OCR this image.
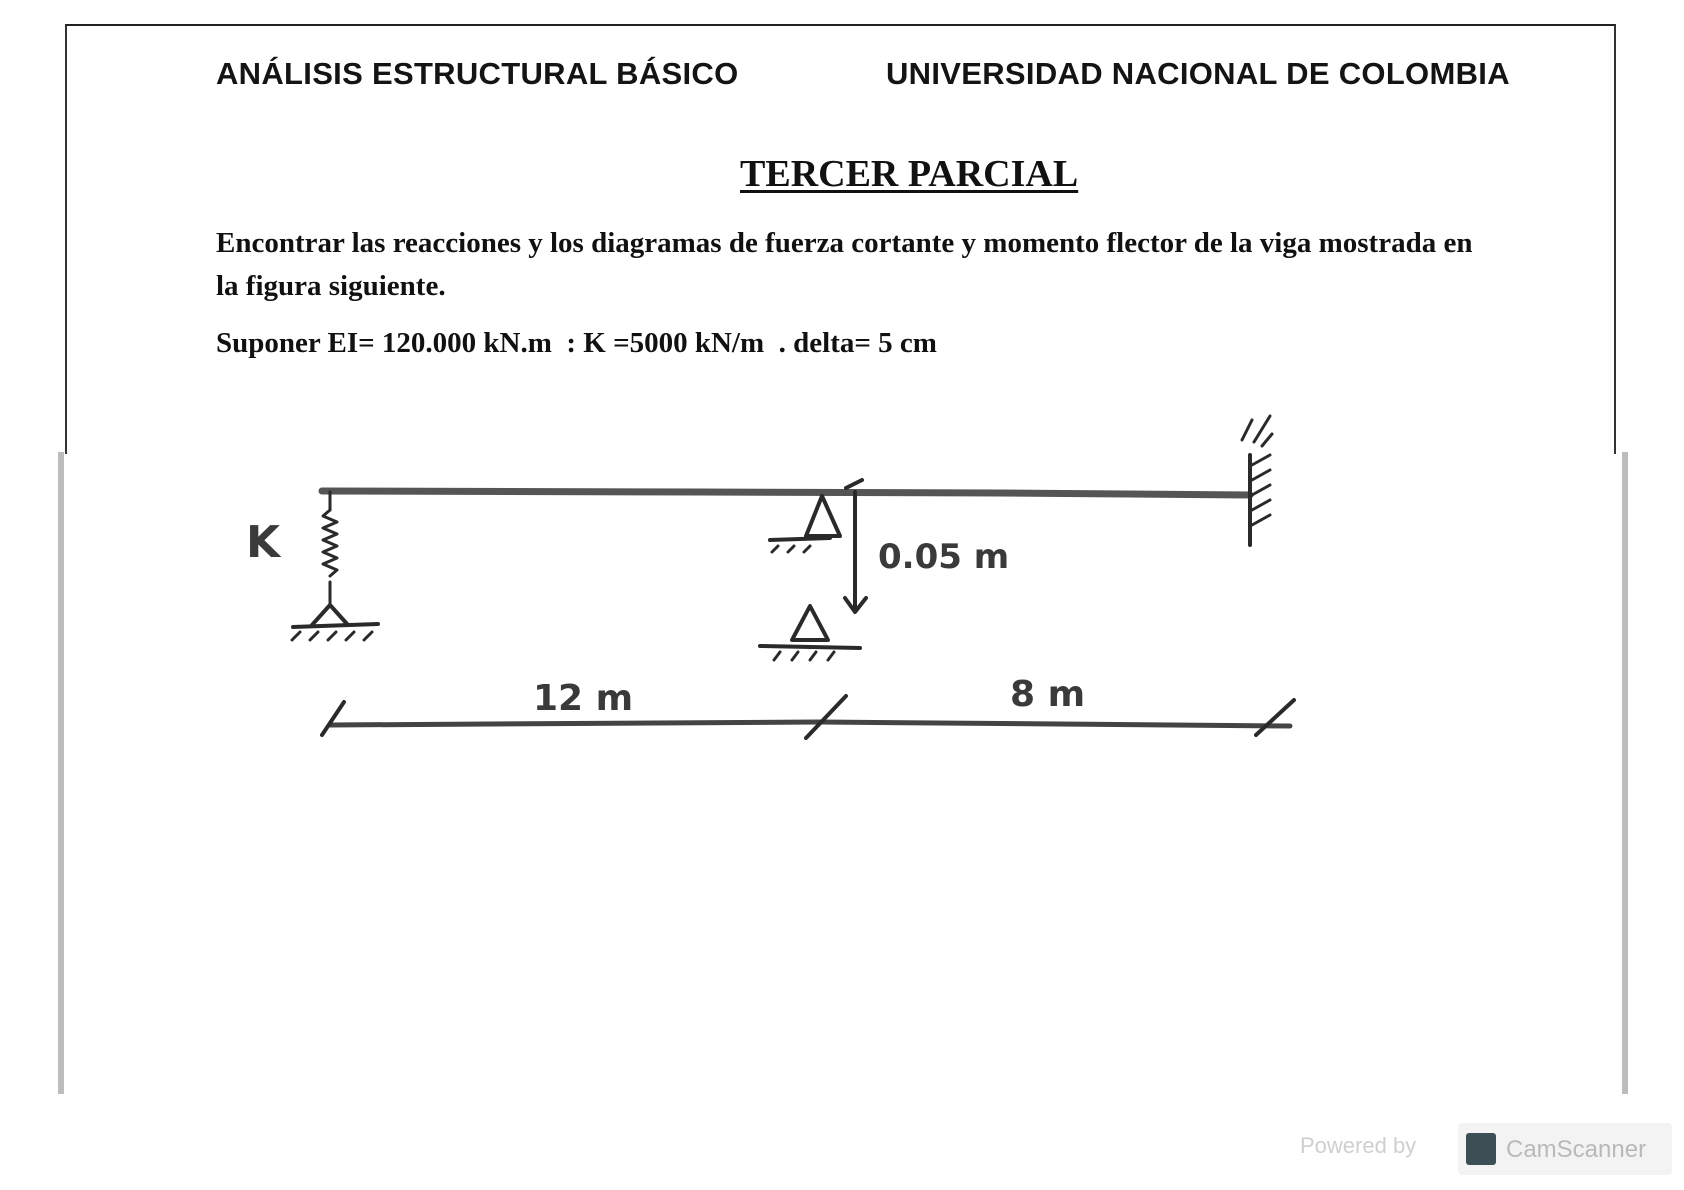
ANÁLISIS ESTRUCTURAL BÁSICO	UNIVERSIDAD NACIONAL DE COLOMBIA
TERCER PARCIAL
Encontrar las reacciones y los diagramas de fuerza cortante y momento flector de la viga mostrada en la figura siguiente.
Suponer EI= 120.000 kN.m  : K =5000 kN/m  . delta= 5 cm
K	0.05 m
12 m	8 m
Powered by	CamScanner
